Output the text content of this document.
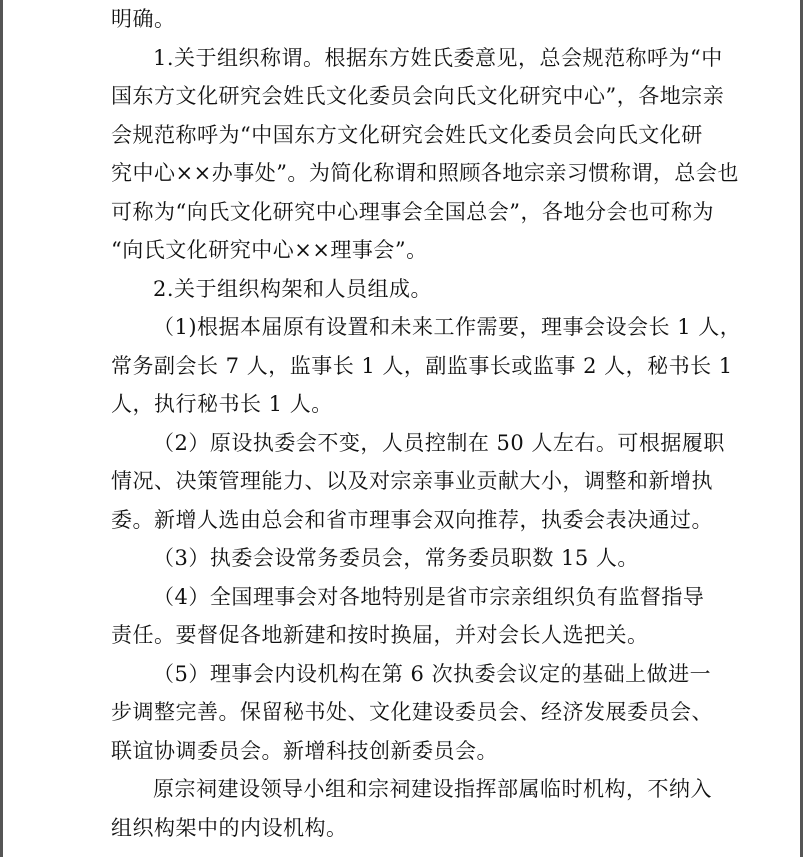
明确。
1.关于组织称谓。根据东方姓氏委意见，总会规范称呼为“中
国东方文化研究会姓氏文化委员会向氏文化研究中心”，各地宗亲
会规范称呼为“中国东方文化研究会姓氏文化委员会向氏文化研
究中心××办事处”。为简化称谓和照顾各地宗亲习惯称谓，总会也
可称为“向氏文化研究中心理事会全国总会”，各地分会也可称为
“向氏文化研究中心××理事会”。
2.关于组织构架和人员组成。
（1)根据本届原有设置和未来工作需要，理事会设会长 1 人，
常务副会长 7 人，监事长 1 人，副监事长或监事 2 人，秘书长 1
人，执行秘书长 1 人。
（2）原设执委会不变，人员控制在 50 人左右。可根据履职
情况、决策管理能力、以及对宗亲事业贡献大小，调整和新增执
委。新增人选由总会和省市理事会双向推荐，执委会表决通过。
（3）执委会设常务委员会，常务委员职数 15 人。
（4）全国理事会对各地特别是省市宗亲组织负有监督指导
责任。要督促各地新建和按时换届，并对会长人选把关。
（5）理事会内设机构在第 6 次执委会议定的基础上做进一
步调整完善。保留秘书处、文化建设委员会、经济发展委员会、
联谊协调委员会。新增科技创新委员会。
原宗祠建设领导小组和宗祠建设指挥部属临时机构，不纳入
组织构架中的内设机构。
